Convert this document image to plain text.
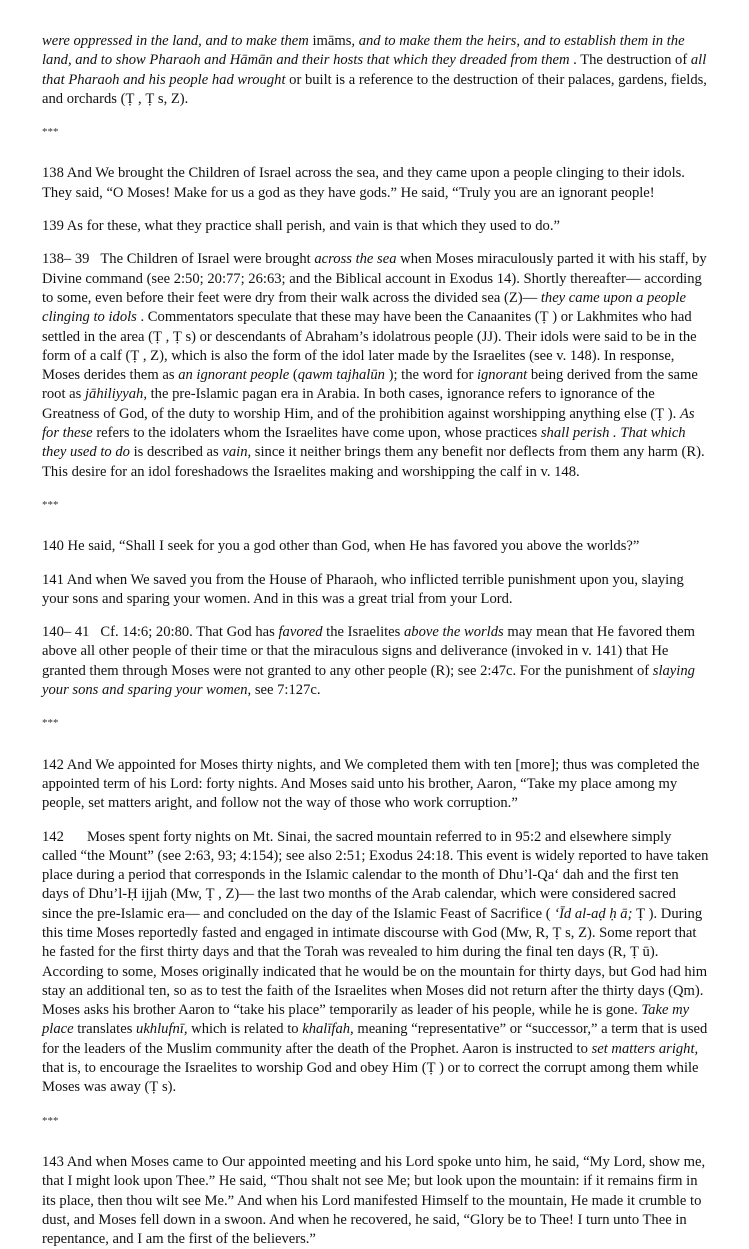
were oppressed in the land, and to make them imāms, and to make them the heirs, and to establish them in the land, and to show Pharaoh and Hāmān and their hosts that which they dreaded from them . The destruction of all that Pharaoh and his people had wrought or built is a reference to the destruction of their palaces, gardens, fields, and orchards (Ṭ , Ṭ s, Z).

***

138 And We brought the Children of Israel across the sea, and they came upon a people clinging to their idols. They said, “O Moses! Make for us a god as they have gods.” He said, “Truly you are an ignorant people!

139 As for these, what they practice shall perish, and vain is that which they used to do.”

138– 39 The Children of Israel were brought across the sea when Moses miraculously parted it with his staff, by Divine command (see 2:50; 20:77; 26:63; and the Biblical account in Exodus 14). Shortly thereafter— according to some, even before their feet were dry from their walk across the divided sea (Z)— they came upon a people clinging to idols . Commentators speculate that these may have been the Canaanites (Ṭ ) or Lakhmites who had settled in the area (Ṭ , Ṭ s) or descendants of Abraham’s idolatrous people (JJ). Their idols were said to be in the form of a calf (Ṭ , Z), which is also the form of the idol later made by the Israelites (see v. 148). In response, Moses derides them as an ignorant people (qawm tajhalūn ); the word for ignorant being derived from the same root as jāhiliyyah, the pre-Islamic pagan era in Arabia. In both cases, ignorance refers to ignorance of the Greatness of God, of the duty to worship Him, and of the prohibition against worshipping anything else (Ṭ ). As for these refers to the idolaters whom the Israelites have come upon, whose practices shall perish . That which they used to do is described as vain, since it neither brings them any benefit nor deflects from them any harm (R). This desire for an idol foreshadows the Israelites making and worshipping the calf in v. 148.

***

140 He said, “Shall I seek for you a god other than God, when He has favored you above the worlds?”

141 And when We saved you from the House of Pharaoh, who inflicted terrible punishment upon you, slaying your sons and sparing your women. And in this was a great trial from your Lord.

140– 41 Cf. 14:6; 20:80. That God has favored the Israelites above the worlds may mean that He favored them above all other people of their time or that the miraculous signs and deliverance (invoked in v. 141) that He granted them through Moses were not granted to any other people (R); see 2:47c. For the punishment of slaying your sons and sparing your women, see 7:127c.

***

142 And We appointed for Moses thirty nights, and We completed them with ten [more]; thus was completed the appointed term of his Lord: forty nights. And Moses said unto his brother, Aaron, “Take my place among my people, set matters aright, and follow not the way of those who work corruption.”

142 Moses spent forty nights on Mt. Sinai, the sacred mountain referred to in 95:2 and elsewhere simply called “the Mount” (see 2:63, 93; 4:154); see also 2:51; Exodus 24:18. This event is widely reported to have taken place during a period that corresponds in the Islamic calendar to the month of Dhu’l-Qa‘ dah and the first ten days of Dhu’l-Ḥ ijjah (Mw, Ṭ , Z)— the last two months of the Arab calendar, which were considered sacred since the pre-Islamic era— and concluded on the day of the Islamic Feast of Sacrifice ( ‘Īd al-aḍ ḥ ā; Ṭ ). During this time Moses reportedly fasted and engaged in intimate discourse with God (Mw, R, Ṭ s, Z). Some report that he fasted for the first thirty days and that the Torah was revealed to him during the final ten days (R, Ṭ ū). According to some, Moses originally indicated that he would be on the mountain for thirty days, but God had him stay an additional ten, so as to test the faith of the Israelites when Moses did not return after the thirty days (Qm). Moses asks his brother Aaron to “take his place” temporarily as leader of his people, while he is gone. Take my place translates ukhlufnī, which is related to khalīfah, meaning “representative” or “successor,” a term that is used for the leaders of the Muslim community after the death of the Prophet. Aaron is instructed to set matters aright, that is, to encourage the Israelites to worship God and obey Him (Ṭ ) or to correct the corrupt among them while Moses was away (Ṭ s).

***

143 And when Moses came to Our appointed meeting and his Lord spoke unto him, he said, “My Lord, show me, that I might look upon Thee.” He said, “Thou shalt not see Me; but look upon the mountain: if it remains firm in its place, then thou wilt see Me.” And when his Lord manifested Himself to the mountain, He made it crumble to dust, and Moses fell down in a swoon. And when he recovered, he said, “Glory be to Thee! I turn unto Thee in repentance, and I am the first of the believers.”
